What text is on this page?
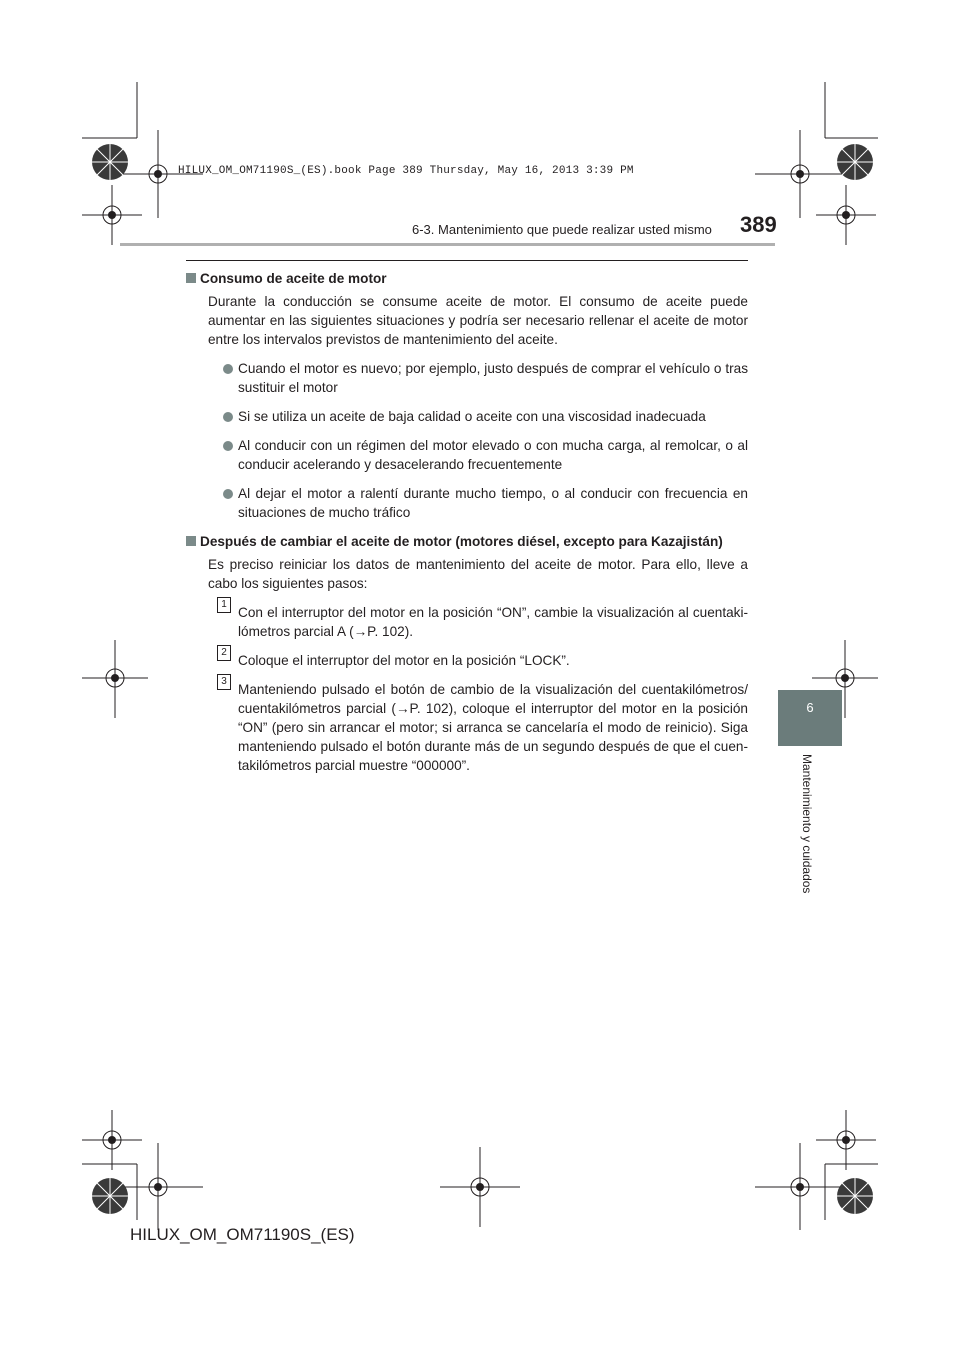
HILUX_OM_OM71190S_(ES).book Page 389 Thursday, May 16, 2013 3:39 PM
6-3. Mantenimiento que puede realizar usted mismo 389
6
Mantenimiento y cuidados
Consumo de aceite de motor

Durante la conducción se consume aceite de motor. El consumo de aceite puede aumentar en las siguientes situaciones y podría ser necesario rellenar el aceite de motor entre los intervalos previstos de mantenimiento del aceite.

Cuando el motor es nuevo; por ejemplo, justo después de comprar el vehículo o tras sustituir el motor
Si se utiliza un aceite de baja calidad o aceite con una viscosidad inadecuada
Al conducir con un régimen del motor elevado o con mucha carga, al remolcar, o al conducir acelerando y desacelerando frecuentemente
Al dejar el motor a ralentí durante mucho tiempo, o al conducir con frecuencia en situaciones de mucho tráfico
Después de cambiar el aceite de motor (motores diésel, excepto para Kazajistán)

Es preciso reiniciar los datos de mantenimiento del aceite de motor. Para ello, lleve a cabo los siguientes pasos:

1
Con el interruptor del motor en la posición “ON”, cambie la visualización al cuentaki-lómetros parcial A (→P. 102).
2
Coloque el interruptor del motor en la posición “LOCK”.
3
Manteniendo pulsado el botón de cambio de la visualización del cuentakilómetros/ cuentakilómetros parcial (→P. 102), coloque el interruptor del motor en la posición “ON” (pero sin arrancar el motor; si arranca se cancelaría el modo de reinicio). Siga manteniendo pulsado el botón durante más de un segundo después de que el cuen-takilómetros parcial muestre “000000”.
HILUX_OM_OM71190S_(ES)
